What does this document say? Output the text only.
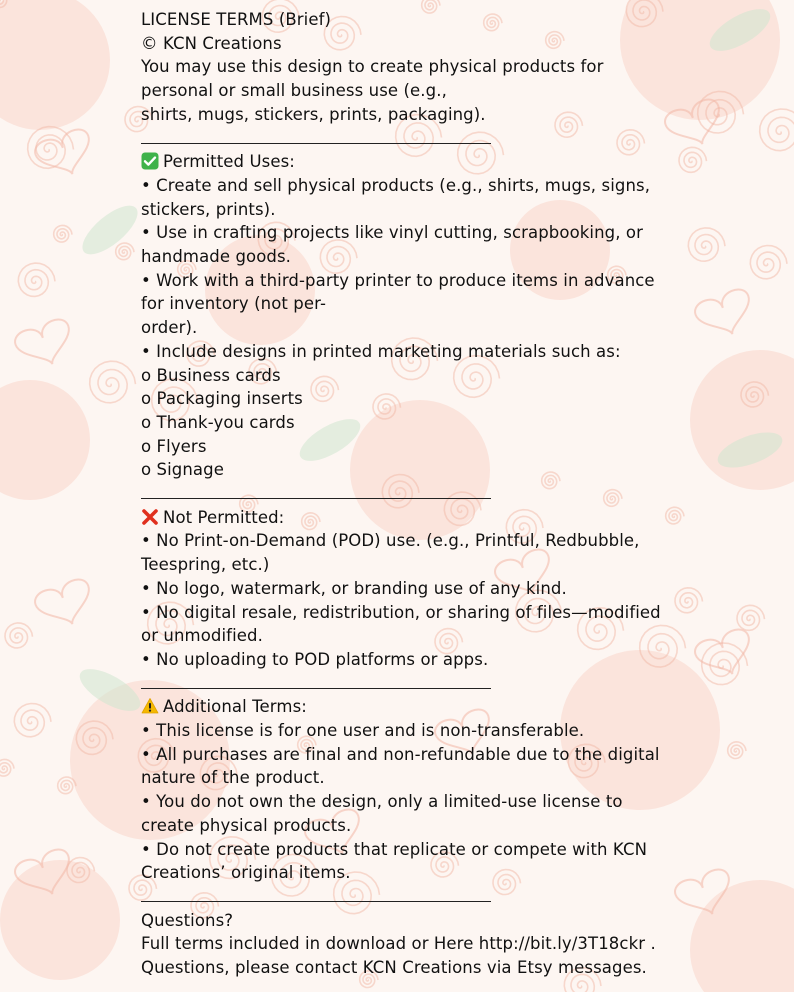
LICENSE TERMS (Brief)
© KCN Creations
You may use this design to create physical products for
personal or small business use (e.g.,
shirts, mugs, stickers, prints, packaging).
Permitted Uses:
• Create and sell physical products (e.g., shirts, mugs, signs,
stickers, prints).
• Use in crafting projects like vinyl cutting, scrapbooking, or
handmade goods.
• Work with a third-party printer to produce items in advance
for inventory (not per-
order).
• Include designs in printed marketing materials such as:
o Business cards
o Packaging inserts
o Thank-you cards
o Flyers
o Signage
Not Permitted:
• No Print-on-Demand (POD) use. (e.g., Printful, Redbubble,
Teespring, etc.)
• No logo, watermark, or branding use of any kind.
• No digital resale, redistribution, or sharing of files—modified
or unmodified.
• No uploading to POD platforms or apps.
Additional Terms:
• This license is for one user and is non-transferable.
• All purchases are final and non-refundable due to the digital
nature of the product.
• You do not own the design, only a limited-use license to
create physical products.
• Do not create products that replicate or compete with KCN
Creations’ original items.
Questions?
Full terms included in download or Here http://bit.ly/3T18ckr .
Questions, please contact KCN Creations via Etsy messages.
